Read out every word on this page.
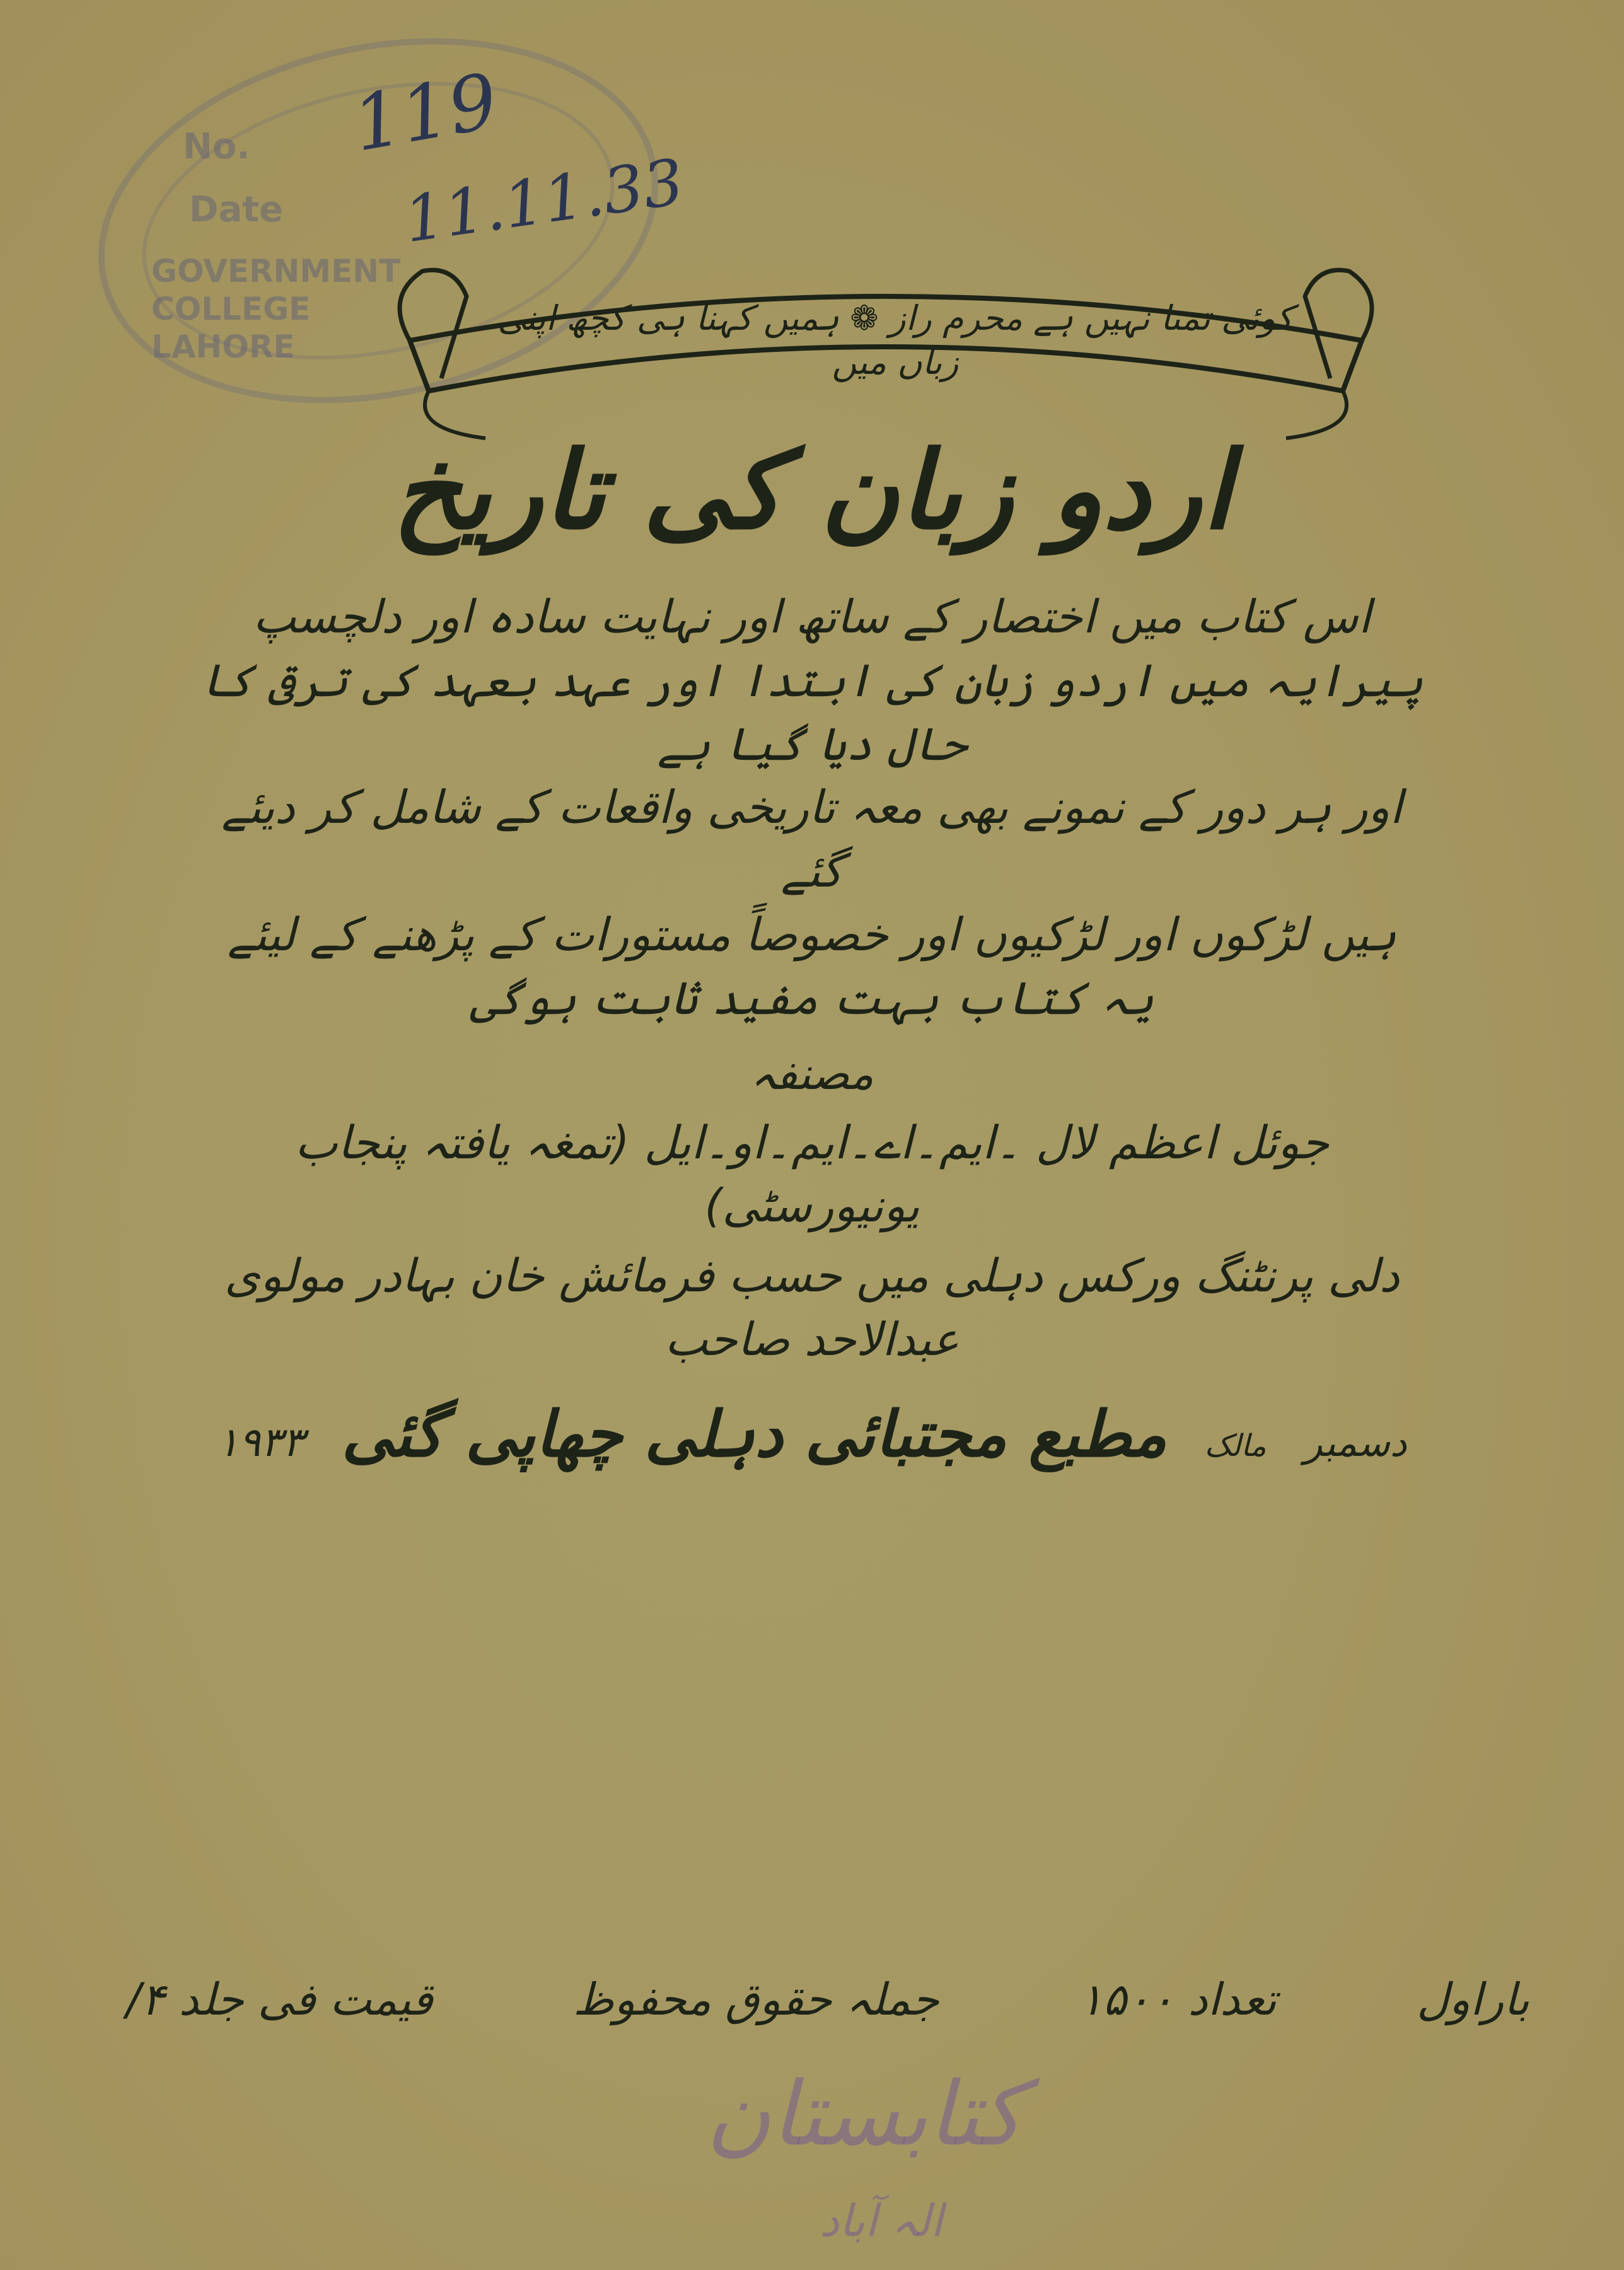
No.
Date
GOVERNMENT COLLEGE LAHORE
119
11.11.33
کوئی تمنا نہیں ہے محرم راز ❁ ہمیں کہنا ہی کچھ اپنی زباں میں
اردو زبان کی تاریخ
اس کتاب میں اختصار کے ساتھ اور نہایت سادہ اور دلچسپ
پیرایہ میں اردو زبان کی ابتدا اور عہد بعہد کی ترقی کا حال دیا گیا ہے
اور ہر دور کے نمونے بھی معہ تاریخی واقعات کے شامل کر دیئے گئے
ہیں لڑکوں اور لڑکیوں اور خصوصاً مستورات کے پڑھنے کے لیئے
یہ کتاب بہت مفید ثابت ہوگی
مصنفہ
جوئل اعظم لال ۔ایم۔اے۔ایم۔او۔ایل (تمغہ یافتہ پنجاب یونیورسٹی)
دلی پرنٹنگ ورکس دہلی میں حسب فرمائش خان بہادر مولوی عبدالاحد صاحب
دسمبر
مالک
مطبع مجتبائی دہلی چھاپی گئی
۱۹۳۳
باراول
تعداد ۱۵۰۰
جملہ حقوق محفوظ
قیمت فی جلد ۴/
کتابستان
الہ آباد
